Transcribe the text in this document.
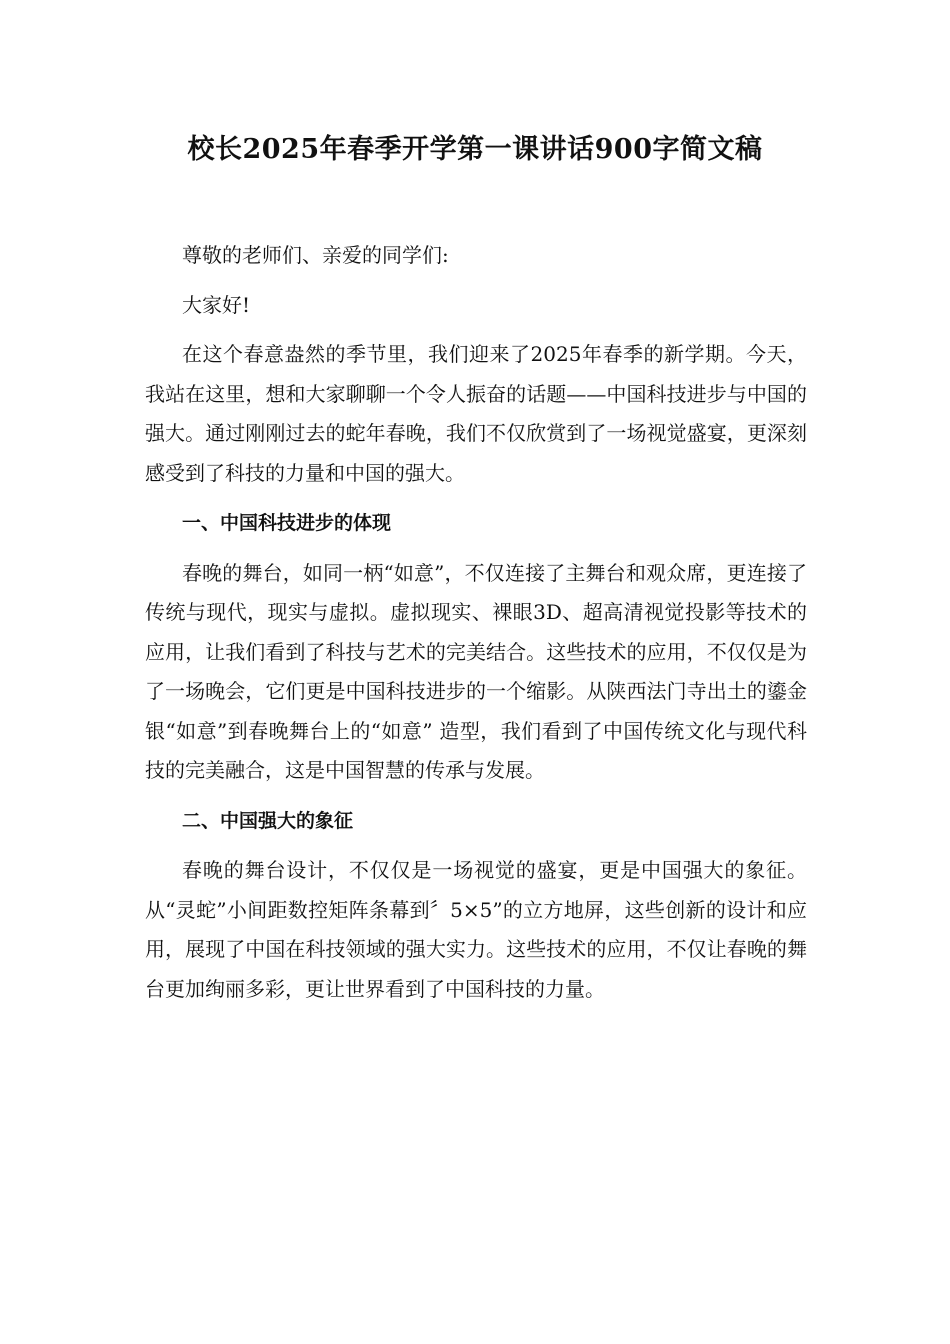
校长2025年春季开学第一课讲话900字简文稿

尊敬的老师们、亲爱的同学们:

大家好!

在这个春意盎然的季节里，我们迎来了2025年春季的新学期。今天，我站在这里，想和大家聊聊一个令人振奋的话题——中国科技进步与中国的强大。通过刚刚过去的蛇年春晚，我们不仅欣赏到了一场视觉盛宴，更深刻感受到了科技的力量和中国的强大。

一、中国科技进步的体现

春晚的舞台，如同一柄“如意”，不仅连接了主舞台和观众席，更连接了传统与现代，现实与虚拟。虚拟现实、裸眼3D、超高清视觉投影等技术的应用，让我们看到了科技与艺术的完美结合。这些技术的应用，不仅仅是为了一场晚会，它们更是中国科技进步的一个缩影。从陕西法门寺出土的鎏金银“如意”到春晚舞台上的“如意” 造型，我们看到了中国传统文化与现代科技的完美融合，这是中国智慧的传承与发展。

二、中国强大的象征

春晚的舞台设计，不仅仅是一场视觉的盛宴，更是中国强大的象征。从“灵蛇”小间距数控矩阵条幕到〞5×5”的立方地屏，这些创新的设计和应用，展现了中国在科技领域的强大实力。这些技术的应用，不仅让春晚的舞台更加绚丽多彩，更让世界看到了中国科技的力量。
